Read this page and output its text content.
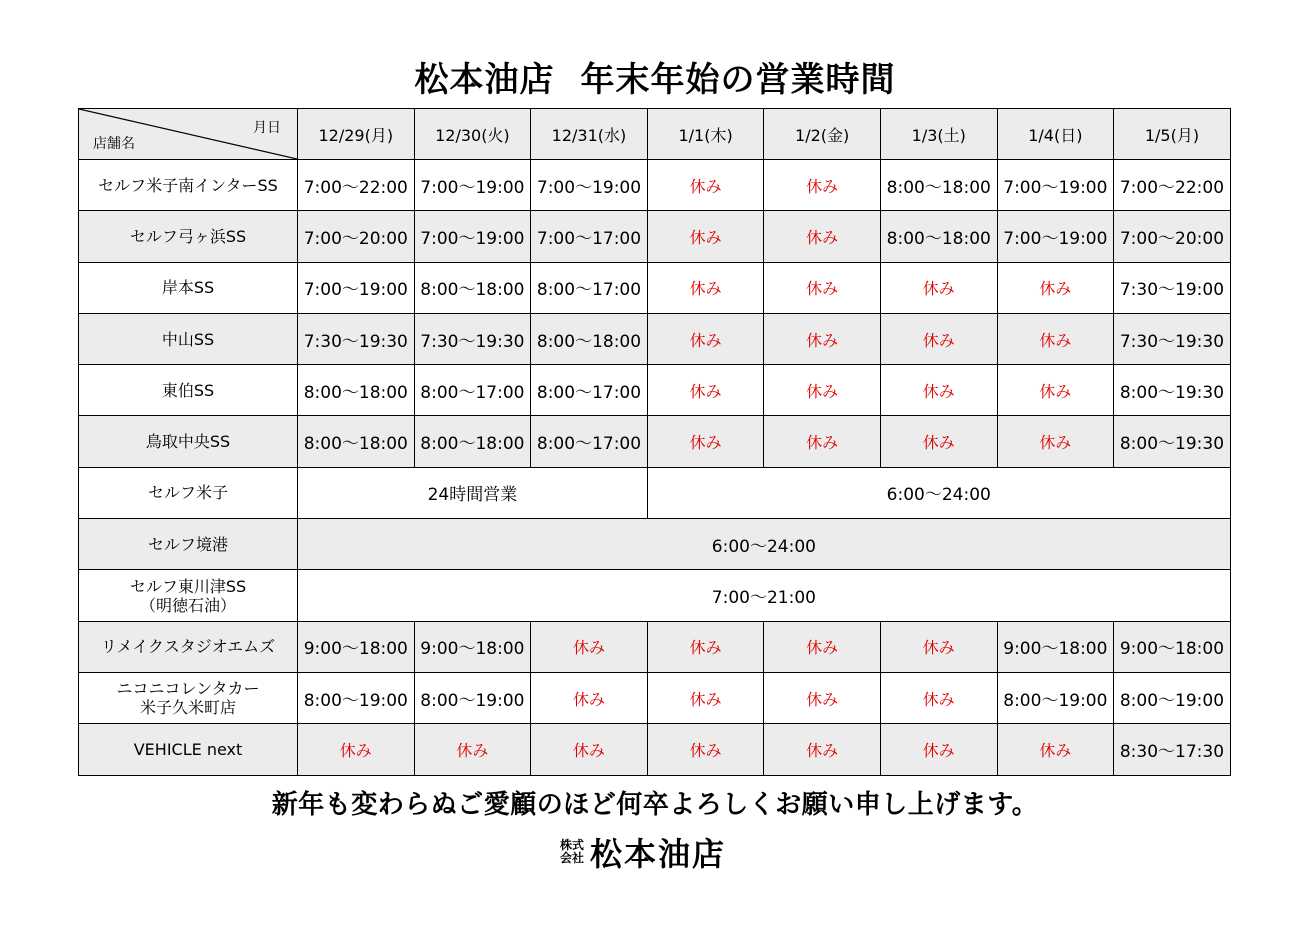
松本油店 年末年始の営業時間
月日
店舗名	12/29(月)	12/30(火)	12/31(水)	1/1(木)	1/2(金)	1/3(土)	1/4(日)	1/5(月)
セルフ米子南インターSS	7:00～22:00	7:00～19:00	7:00～19:00	休み	休み	8:00～18:00	7:00～19:00	7:00～22:00
セルフ弓ヶ浜SS	7:00～20:00	7:00～19:00	7:00～17:00	休み	休み	8:00～18:00	7:00～19:00	7:00～20:00
岸本SS	7:00～19:00	8:00～18:00	8:00～17:00	休み	休み	休み	休み	7:30～19:00
中山SS	7:30～19:30	7:30～19:30	8:00～18:00	休み	休み	休み	休み	7:30～19:30
東伯SS	8:00～18:00	8:00～17:00	8:00～17:00	休み	休み	休み	休み	8:00～19:30
鳥取中央SS	8:00～18:00	8:00～18:00	8:00～17:00	休み	休み	休み	休み	8:00～19:30
セルフ米子	24時間営業			6:00～24:00				
セルフ境港	6:00～24:00							

セルフ東川津SS
（明徳石油）	7:00～21:00							
リメイクスタジオエムズ	9:00～18:00	9:00～18:00	休み	休み	休み	休み	9:00～18:00	9:00～18:00

ニコニコレンタカー
米子久米町店	8:00～19:00	8:00～19:00	休み	休み	休み	休み	8:00～19:00	8:00～19:00
VEHICLE next	休み	休み	休み	休み	休み	休み	休み	8:30～17:30
新年も変わらぬご愛顧のほど何卒よろしくお願い申し上げます。
株式
会社 松本油店
